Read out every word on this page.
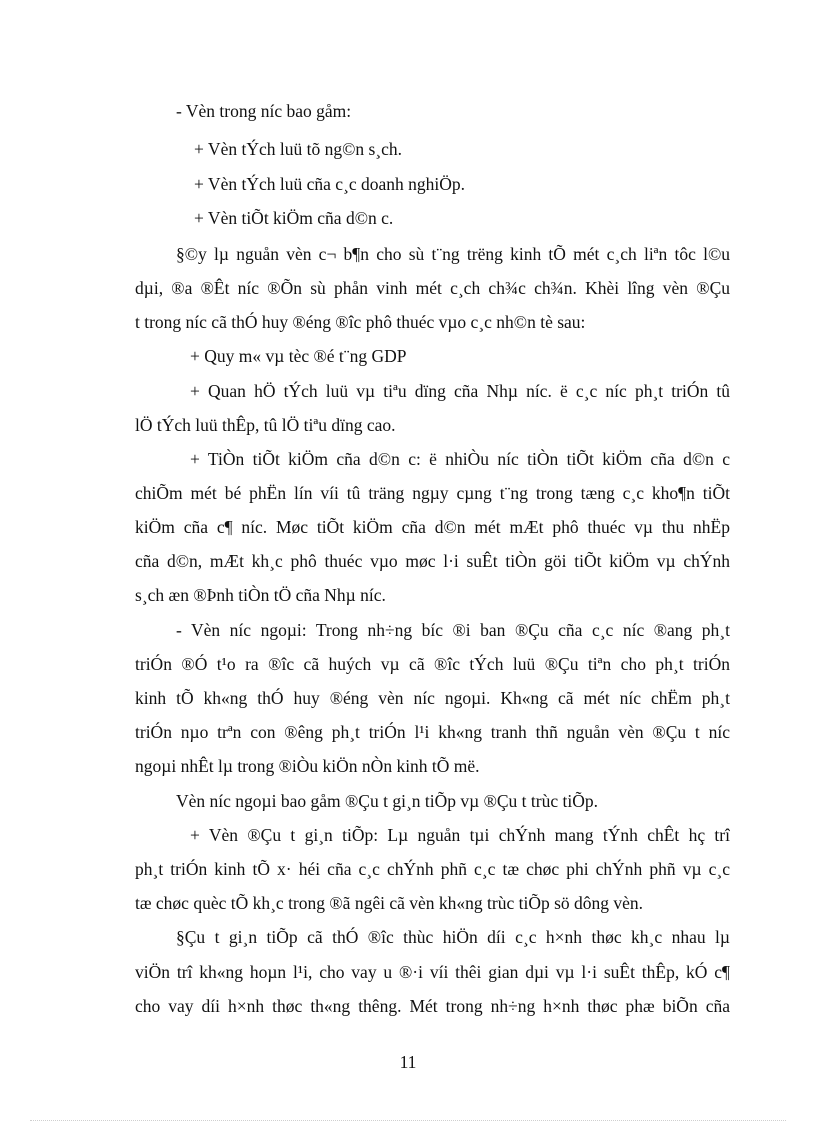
- Vèn trong níc bao gåm:
+ Vèn tÝch luü tõ ng©n s¸ch.
+ Vèn tÝch luü cña c¸c doanh nghiÖp.
+ Vèn tiÕt kiÖm cña d©n c.
§©y lµ nguån vèn c¬ b¶n cho sù t¨ng trëng kinh tÕ mét c¸ch liªn tôc l©u
dµi, ®a ®Êt níc ®Õn sù phån vinh mét c¸ch ch¾c ch¾n. Khèi lîng vèn ®Çu
t trong níc cã thÓ huy ®éng ®îc phô thuéc vµo c¸c nh©n tè sau:
+ Quy m« vµ tèc ®é t¨ng GDP
+ Quan hÖ tÝch luü vµ tiªu dïng cña Nhµ níc. ë c¸c níc ph¸t triÓn tû
lÖ tÝch luü thÊp, tû lÖ tiªu dïng cao.
+ TiÒn tiÕt kiÖm cña d©n c: ë nhiÒu níc tiÒn tiÕt kiÖm cña d©n c
chiÕm mét bé phËn lín víi tû träng ngµy cµng t¨ng trong tæng c¸c kho¶n tiÕt
kiÖm cña c¶ níc. Møc tiÕt kiÖm cña d©n mét mÆt phô thuéc vµ thu nhËp
cña d©n, mÆt kh¸c phô thuéc vµo møc l·i suÊt tiÒn göi tiÕt kiÖm vµ chÝnh
s¸ch æn ®Þnh tiÒn tÖ cña Nhµ níc.
- Vèn níc ngoµi: Trong nh÷ng bíc ®i ban ®Çu cña c¸c níc ®ang ph¸t
triÓn ®Ó t¹o ra ®îc cã huých vµ cã ®îc tÝch luü ®Çu tiªn cho ph¸t triÓn
kinh tÕ kh«ng thÓ huy ®éng vèn níc ngoµi. Kh«ng cã mét níc chËm ph¸t
triÓn nµo trªn con ®êng ph¸t triÓn l¹i kh«ng tranh thñ nguån vèn ®Çu t níc
ngoµi nhÊt lµ trong ®iÒu kiÖn nÒn kinh tÕ më.
Vèn níc ngoµi bao gåm ®Çu t gi¸n tiÕp vµ ®Çu t trùc tiÕp.
+ Vèn ®Çu t gi¸n tiÕp: Lµ nguån tµi chÝnh mang tÝnh chÊt hç trî
ph¸t triÓn kinh tÕ x· héi cña c¸c chÝnh phñ c¸c tæ chøc phi chÝnh phñ vµ c¸c
tæ chøc quèc tÕ kh¸c trong ®ã ngêi cã vèn kh«ng trùc tiÕp sö dông vèn.
§Çu t gi¸n tiÕp cã thÓ ®îc thùc hiÖn díi c¸c h×nh thøc kh¸c nhau lµ
viÖn trî kh«ng hoµn l¹i, cho vay u ®·i víi thêi gian dµi vµ l·i suÊt thÊp, kÓ c¶
cho vay díi h×nh thøc th«ng thêng. Mét trong nh÷ng h×nh thøc phæ biÕn cña
11
